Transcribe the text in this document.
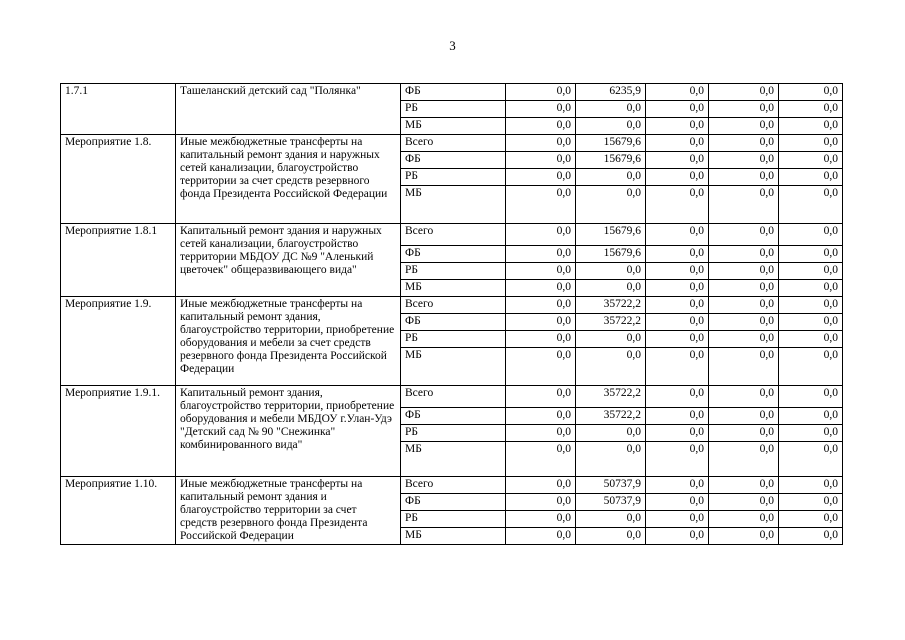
3
1.7.1	Ташеланский детский сад "Полянка"	ФБ	0,0	6235,9	0,0	0,0	0,0
		РБ	0,0	0,0	0,0	0,0	0,0
		МБ	0,0	0,0	0,0	0,0	0,0
Мероприятие 1.8.	Иные межбюджетные трансферты на капитальный ремонт здания и наружных сетей канализации, благоустройство территории за счет средств резервного фонда Президента Российской Федерации	Всего	0,0	15679,6	0,0	0,0	0,0
		ФБ	0,0	15679,6	0,0	0,0	0,0
		РБ	0,0	0,0	0,0	0,0	0,0
		МБ	0,0	0,0	0,0	0,0	0,0
Мероприятие 1.8.1	Капитальный ремонт здания и наружных сетей канализации, благоустройство территории МБДОУ ДС №9 "Аленький цветочек" общеразвивающего вида"	Всего	0,0	15679,6	0,0	0,0	0,0
		ФБ	0,0	15679,6	0,0	0,0	0,0
		РБ	0,0	0,0	0,0	0,0	0,0
		МБ	0,0	0,0	0,0	0,0	0,0
Мероприятие 1.9.	Иные межбюджетные трансферты на капитальный ремонт здания, благоустройство территории, приобретение оборудования и мебели за счет средств резервного фонда Президента Российской Федерации	Всего	0,0	35722,2	0,0	0,0	0,0
		ФБ	0,0	35722,2	0,0	0,0	0,0
		РБ	0,0	0,0	0,0	0,0	0,0
		МБ	0,0	0,0	0,0	0,0	0,0
Мероприятие 1.9.1.	Капитальный ремонт здания, благоустройство территории, приобретение оборудования и мебели МБДОУ г.Улан-Удэ "Детский сад № 90 "Снежинка" комбинированного вида"	Всего	0,0	35722,2	0,0	0,0	0,0
		ФБ	0,0	35722,2	0,0	0,0	0,0
		РБ	0,0	0,0	0,0	0,0	0,0
		МБ	0,0	0,0	0,0	0,0	0,0
Мероприятие 1.10.	Иные межбюджетные трансферты на капитальный ремонт здания и благоустройство территории за счет средств резервного фонда Президента Российской Федерации	Всего	0,0	50737,9	0,0	0,0	0,0
		ФБ	0,0	50737,9	0,0	0,0	0,0
		РБ	0,0	0,0	0,0	0,0	0,0
		МБ	0,0	0,0	0,0	0,0	0,0
